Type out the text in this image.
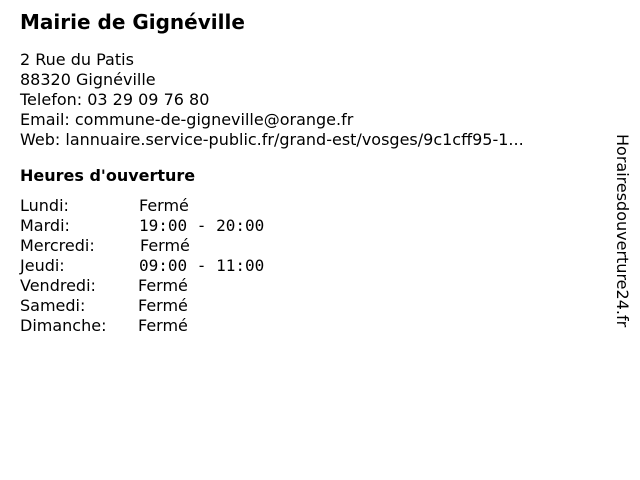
Mairie de Gignéville
2 Rue du Patis
88320 Gignéville
Telefon: 03 29 09 76 80
Email: commune-de-gigneville@orange.fr
Web: lannuaire.service-public.fr/grand-est/vosges/9c1cff95-1...
Heures d'ouverture
Lundi:	Fermé
Mardi:	19:00 - 20:00
Mercredi:	Fermé
Jeudi:	09:00 - 11:00
Vendredi:	Fermé
Samedi:	Fermé
Dimanche: Fermé	Horairesdouverture24.fr
